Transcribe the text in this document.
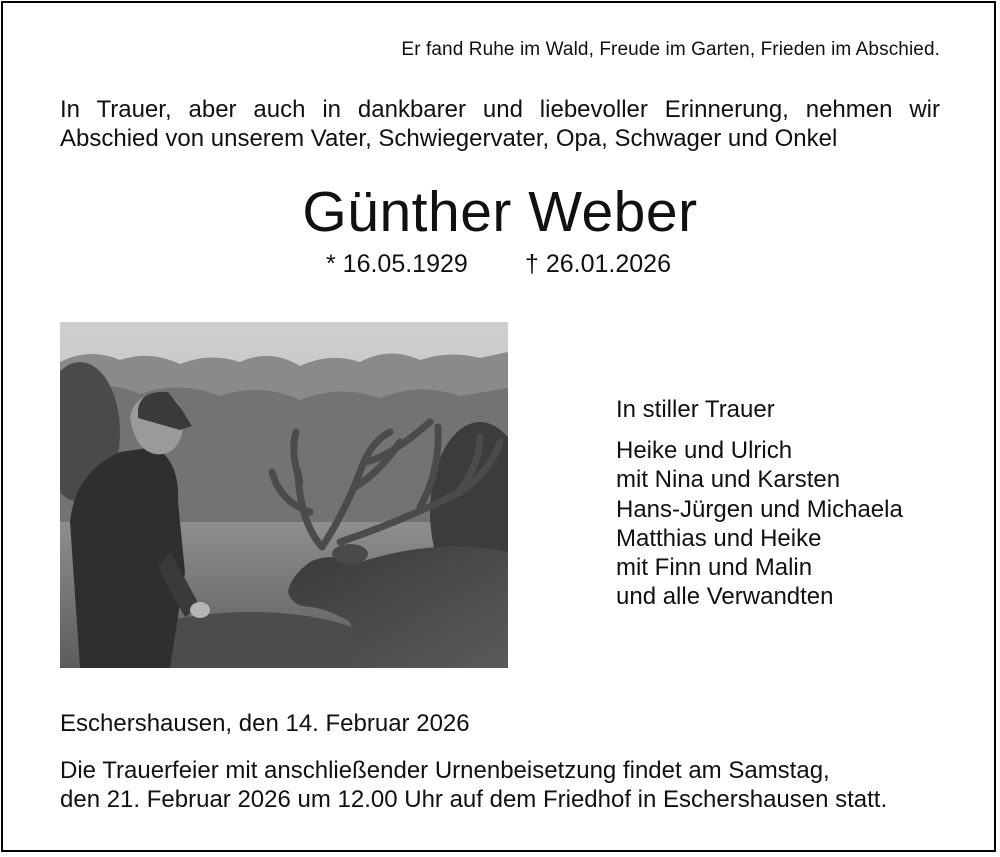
Er fand Ruhe im Wald, Freude im Garten, Frieden im Abschied.
In Trauer, aber auch in dankbarer und liebevoller Erinnerung, nehmen wir Abschied von unserem Vater, Schwiegervater, Opa, Schwager und Onkel
Günther Weber
* 16.05.1929 † 26.01.2026
In stiller Trauer
Heike und Ulrich
mit Nina und Karsten
Hans-Jürgen und Michaela
Matthias und Heike
mit Finn und Malin
und alle Verwandten
Eschershausen, den 14. Februar 2026
Die Trauerfeier mit anschließender Urnenbeisetzung findet am Samstag,
den 21. Februar 2026 um 12.00 Uhr auf dem Friedhof in Eschershausen statt.
